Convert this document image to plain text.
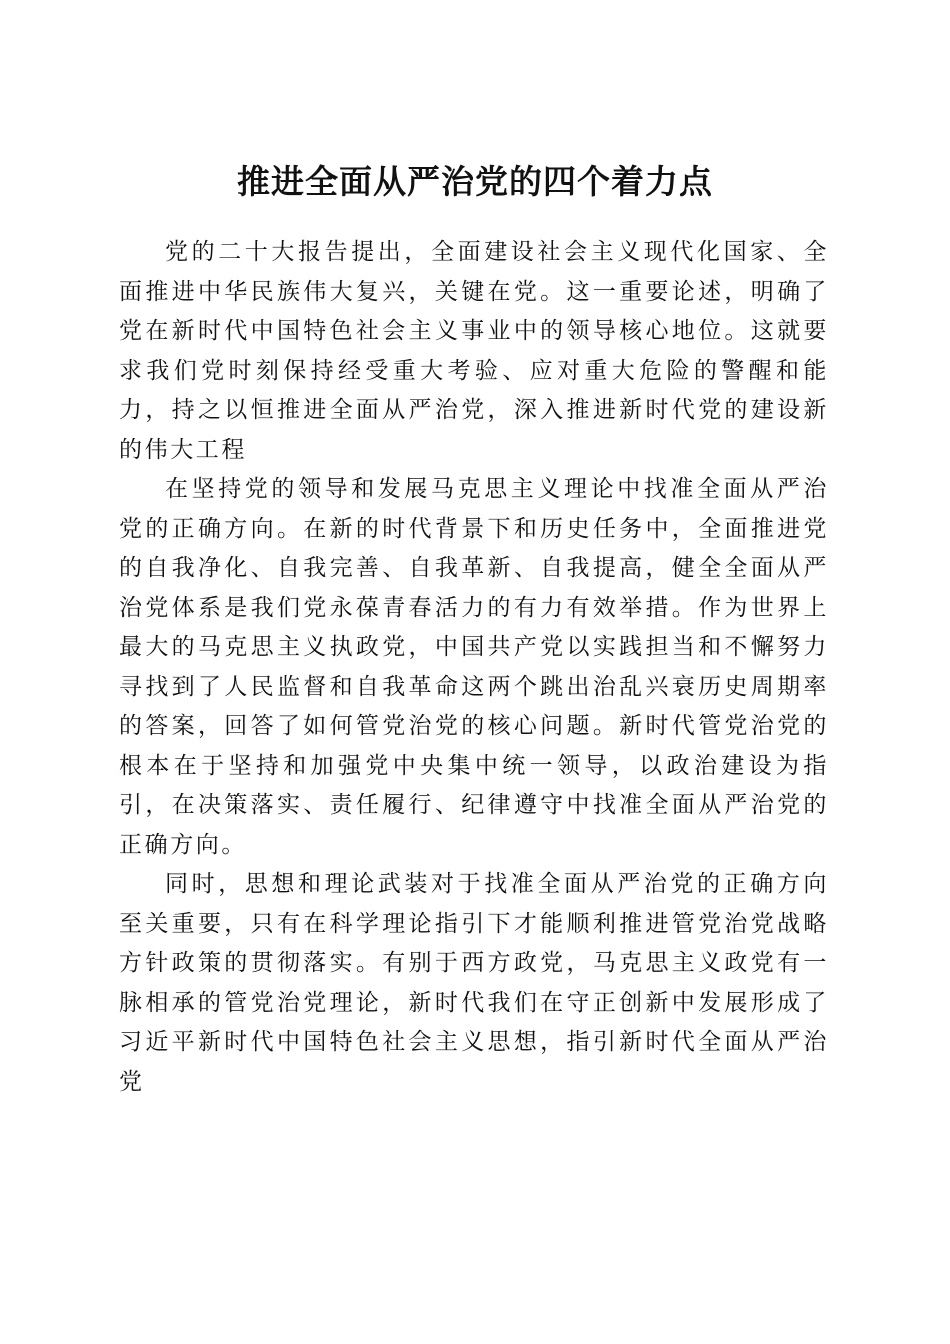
推进全面从严治党的四个着力点

党的二十大报告提出，全面建设社会主义现代化国家、全面推进中华民族伟大复兴，关键在党。这一重要论述，明确了党在新时代中国特色社会主义事业中的领导核心地位。这就要求我们党时刻保持经受重大考验、应对重大危险的警醒和能力，持之以恒推进全面从严治党，深入推进新时代党的建设新的伟大工程

在坚持党的领导和发展马克思主义理论中找准全面从严治党的正确方向。在新的时代背景下和历史任务中，全面推进党的自我净化、自我完善、自我革新、自我提高，健全全面从严治党体系是我们党永葆青春活力的有力有效举措。作为世界上最大的马克思主义执政党，中国共产党以实践担当和不懈努力寻找到了人民监督和自我革命这两个跳出治乱兴衰历史周期率的答案，回答了如何管党治党的核心问题。新时代管党治党的根本在于坚持和加强党中央集中统一领导，以政治建设为指引，在决策落实、责任履行、纪律遵守中找准全面从严治党的正确方向。

同时，思想和理论武装对于找准全面从严治党的正确方向至关重要，只有在科学理论指引下才能顺利推进管党治党战略方针政策的贯彻落实。有别于西方政党，马克思主义政党有一脉相承的管党治党理论，新时代我们在守正创新中发展形成了习近平新时代中国特色社会主义思想，指引新时代全面从严治党
